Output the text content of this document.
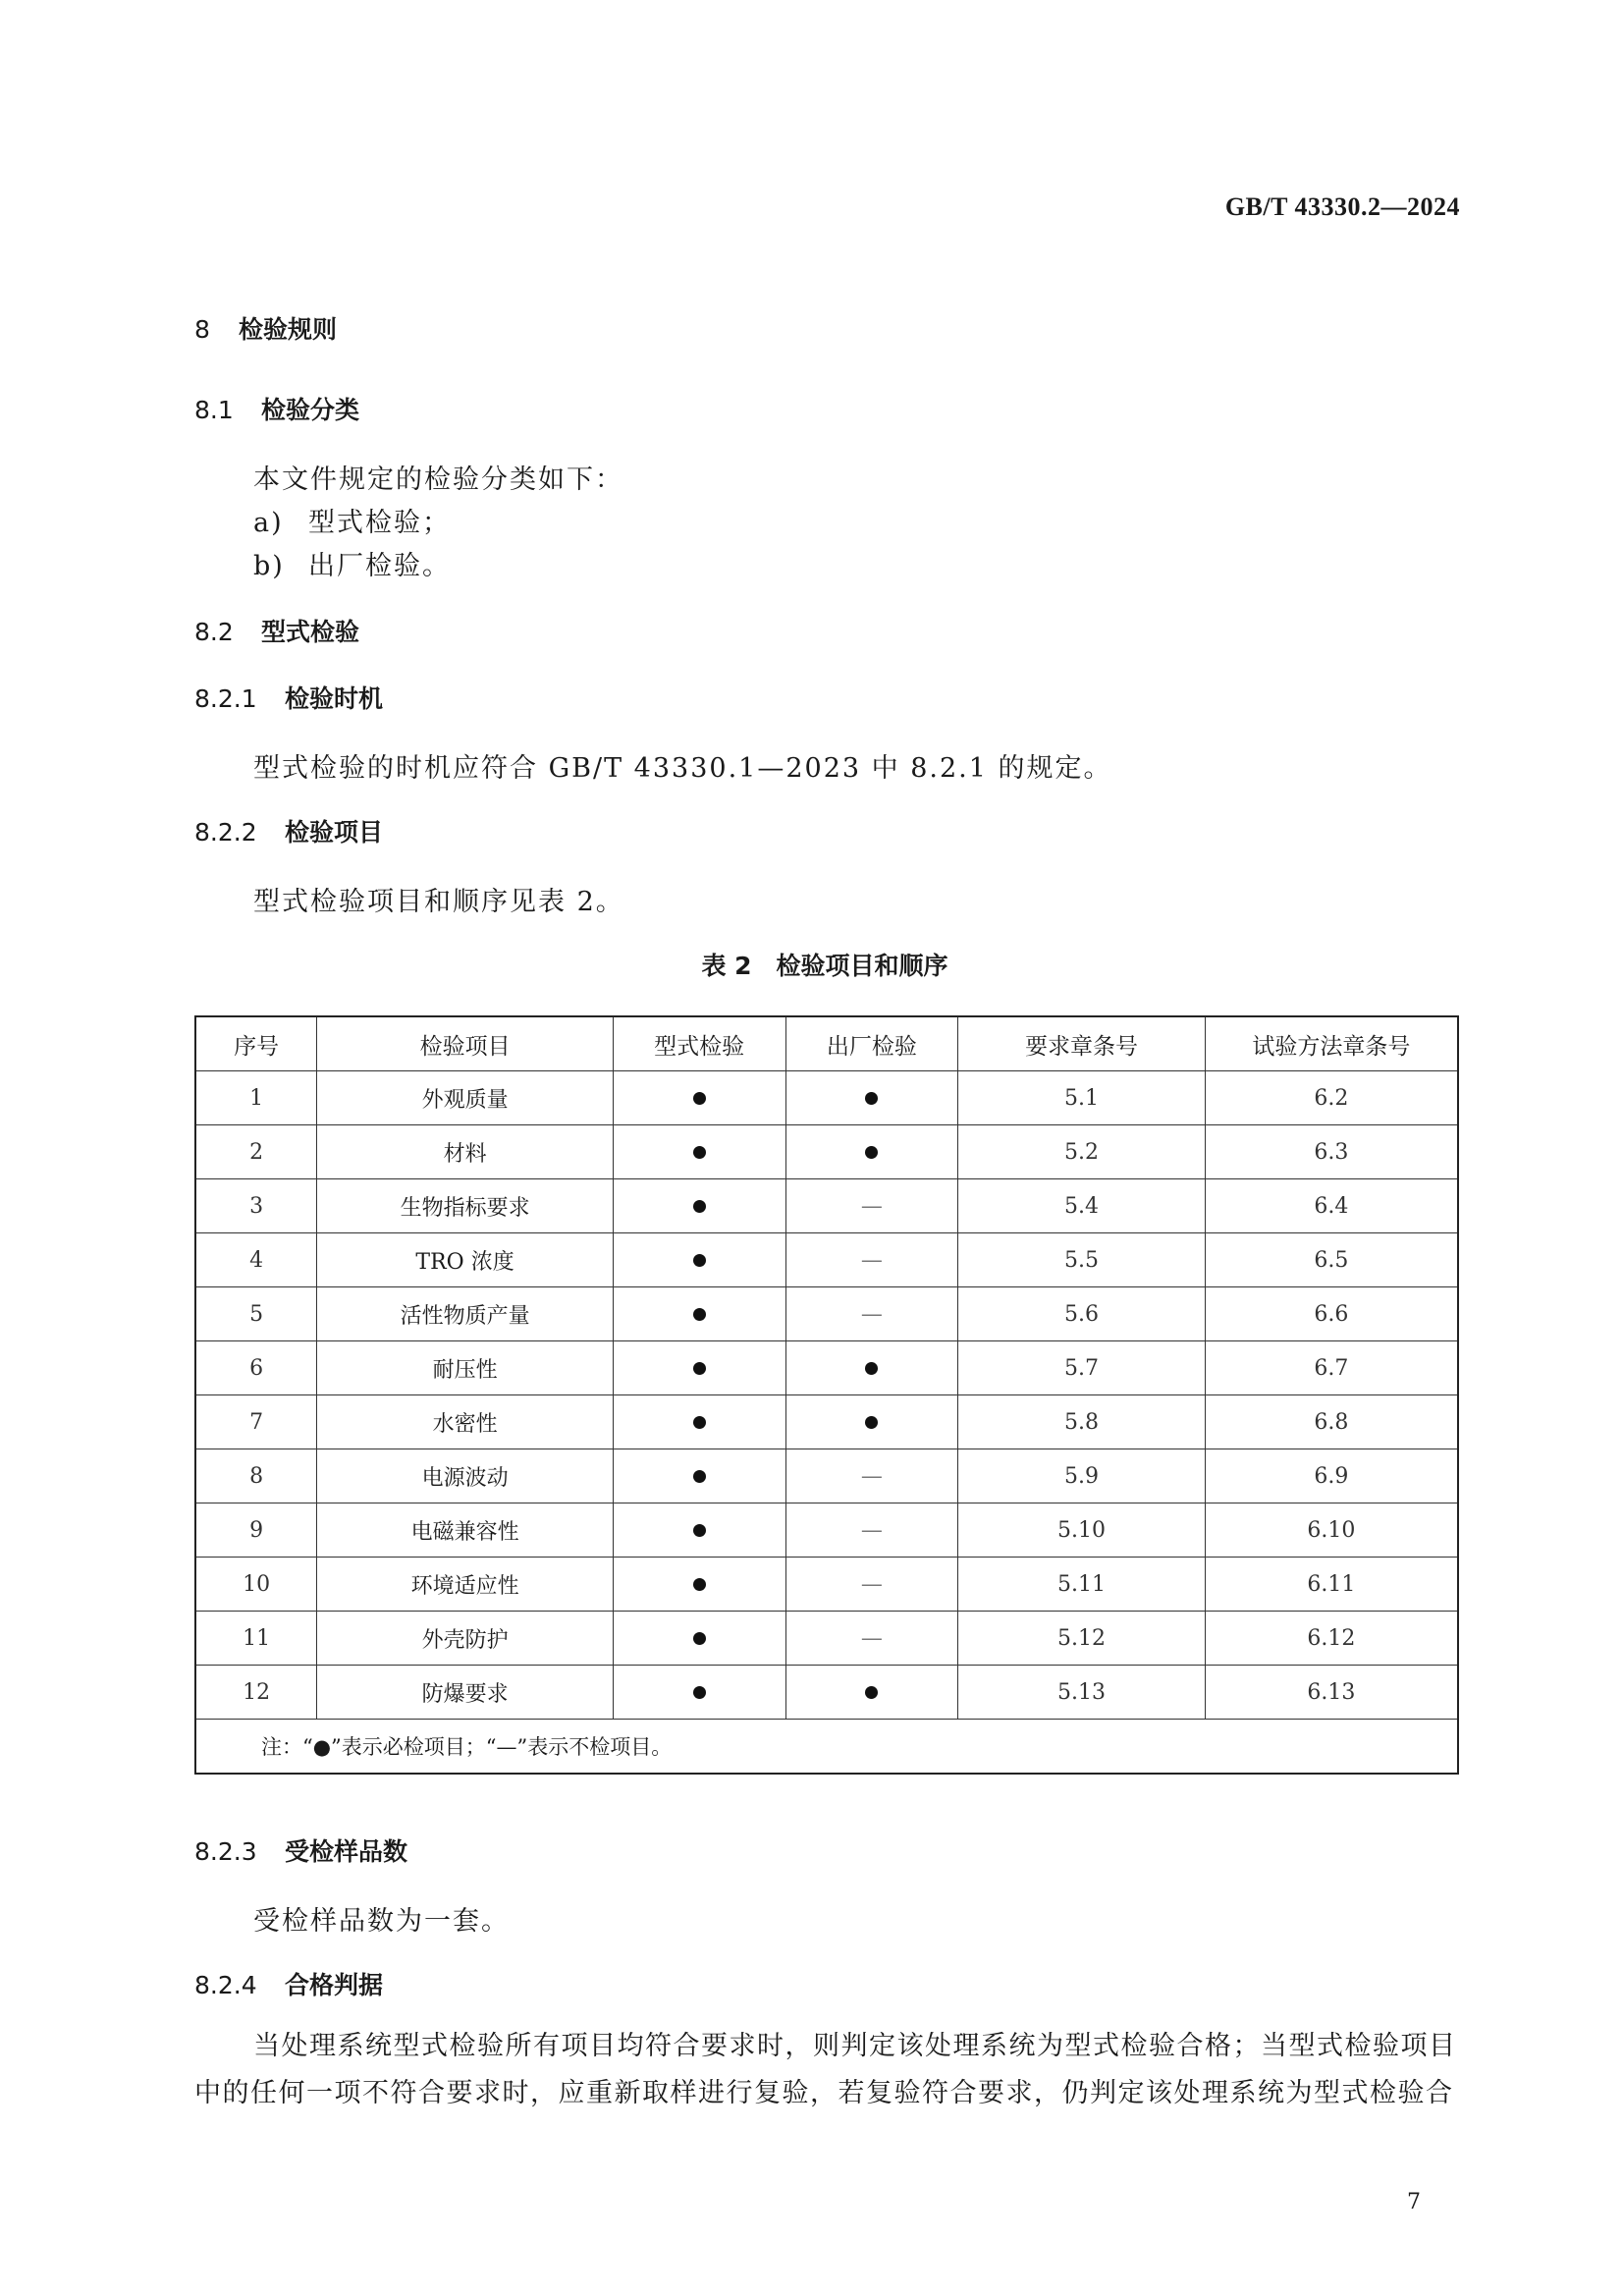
GB/T 43330.2—2024
8 检验规则
8.1 检验分类
本文件规定的检验分类如下：
a) 型式检验；
b) 出厂检验。
8.2 型式检验
8.2.1 检验时机
型式检验的时机应符合 GB/T 43330.1—2023 中 8.2.1 的规定。
8.2.2 检验项目
型式检验项目和顺序见表 2。
表 2　检验项目和顺序
序号	检验项目	型式检验	出厂检验	要求章条号	试验方法章条号
1	外观质量			5.1	6.2
2	材料			5.2	6.3
3	生物指标要求		—	5.4	6.4
4	TRO 浓度		—	5.5	6.5
5	活性物质产量		—	5.6	6.6
6	耐压性			5.7	6.7
7	水密性			5.8	6.8
8	电源波动		—	5.9	6.9
9	电磁兼容性		—	5.10	6.10
10	环境适应性		—	5.11	6.11
11	外壳防护		—	5.12	6.12
12	防爆要求			5.13	6.13
注：“●”表示必检项目；“—”表示不检项目。					
8.2.3 受检样品数
受检样品数为一套。
8.2.4 合格判据
当处理系统型式检验所有项目均符合要求时，则判定该处理系统为型式检验合格；当型式检验项目
中的任何一项不符合要求时，应重新取样进行复验，若复验符合要求，仍判定该处理系统为型式检验合
7
